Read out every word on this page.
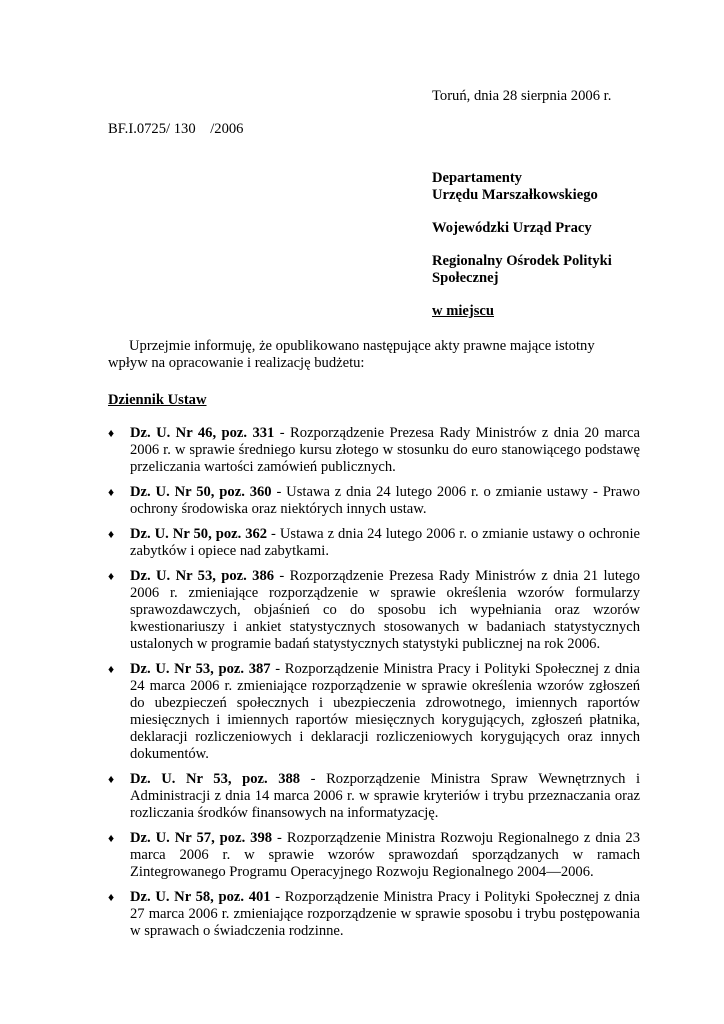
Toruń, dnia 28 sierpnia 2006 r.
BF.I.0725/ 130    /2006

Departamenty

Urzędu Marszałkowskiego

Wojewódzki Urząd Pracy

Regionalny Ośrodek Polityki

Społecznej

w miejscu

Uprzejmie informuję, że opublikowano następujące akty prawne mające istotny
wpływ na opracowanie i realizację budżetu:
Dziennik Ustaw
♦ Dz. U. Nr 46, poz. 331 - Rozporządzenie Prezesa Rady Ministrów z dnia 20 marca 2006 r. w sprawie średniego kursu złotego w stosunku do euro stanowiącego podstawę przeliczania wartości zamówień publicznych.
♦ Dz. U. Nr 50, poz. 360 - Ustawa z dnia 24 lutego 2006 r. o zmianie ustawy - Prawo ochrony środowiska oraz niektórych innych ustaw.
♦ Dz. U. Nr 50, poz. 362 - Ustawa z dnia 24 lutego 2006 r. o zmianie ustawy o ochronie zabytków i opiece nad zabytkami.
♦ Dz. U. Nr 53, poz. 386 - Rozporządzenie Prezesa Rady Ministrów z dnia 21 lutego 2006 r. zmieniające rozporządzenie w sprawie określenia wzorów formularzy sprawozdawczych, objaśnień co do sposobu ich wypełniania oraz wzorów kwestionariuszy i ankiet statystycznych stosowanych w badaniach statystycznych ustalonych w programie badań statystycznych statystyki publicznej na rok 2006.
♦ Dz. U. Nr 53, poz. 387 - Rozporządzenie Ministra Pracy i Polityki Społecznej z dnia 24 marca 2006 r. zmieniające rozporządzenie w sprawie określenia wzorów zgłoszeń do ubezpieczeń społecznych i ubezpieczenia zdrowotnego, imiennych raportów miesięcznych i imiennych raportów miesięcznych korygujących, zgłoszeń płatnika, deklaracji rozliczeniowych i deklaracji rozliczeniowych korygujących oraz innych dokumentów.
♦ Dz. U. Nr 53, poz. 388 - Rozporządzenie Ministra Spraw Wewnętrznych i Administracji z dnia 14 marca 2006 r. w sprawie kryteriów i trybu przeznaczania oraz rozliczania środków finansowych na informatyzację.
♦ Dz. U. Nr 57, poz. 398 - Rozporządzenie Ministra Rozwoju Regionalnego z dnia 23 marca 2006 r. w sprawie wzorów sprawozdań sporządzanych w ramach Zintegrowanego Programu Operacyjnego Rozwoju Regionalnego 2004—2006.
♦ Dz. U. Nr 58, poz. 401 - Rozporządzenie Ministra Pracy i Polityki Społecznej z dnia 27 marca 2006 r. zmieniające rozporządzenie w sprawie sposobu i trybu postępowania w sprawach o świadczenia rodzinne.
